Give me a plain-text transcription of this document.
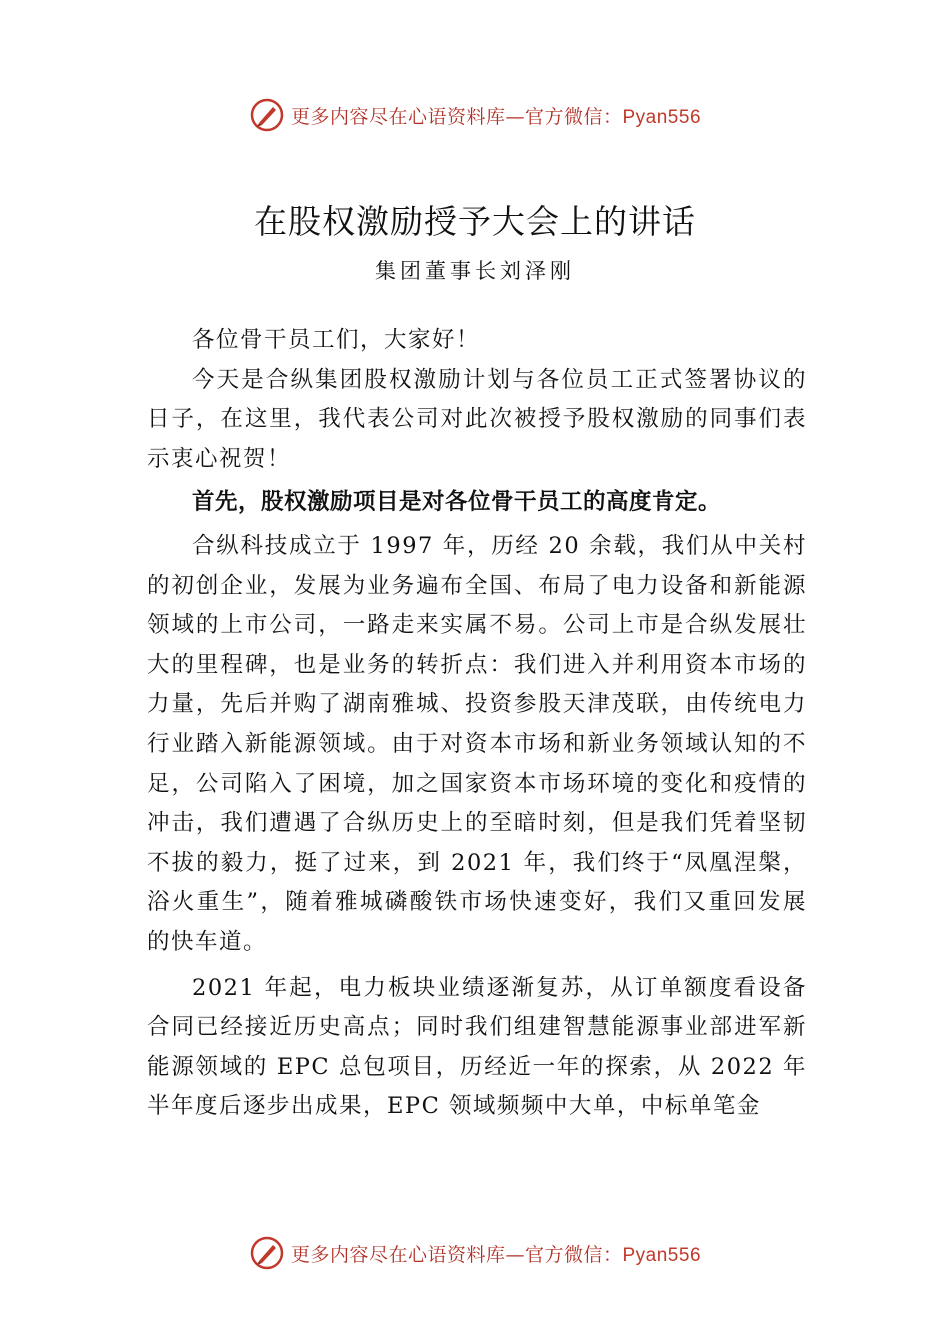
更多内容尽在心语资料库—官方微信：Pyan556
在股权激励授予大会上的讲话
集团董事长刘泽刚

各位骨干员工们，大家好！

今天是合纵集团股权激励计划与各位员工正式签署协议的日子，在这里，我代表公司对此次被授予股权激励的同事们表示衷心祝贺！

首先，股权激励项目是对各位骨干员工的高度肯定。

合纵科技成立于 1997 年，历经 20 余载，我们从中关村的初创企业，发展为业务遍布全国、布局了电力设备和新能源领域的上市公司，一路走来实属不易。公司上市是合纵发展壮大的里程碑，也是业务的转折点：我们进入并利用资本市场的力量，先后并购了湖南雅城、投资参股天津茂联，由传统电力行业踏入新能源领域。由于对资本市场和新业务领域认知的不足，公司陷入了困境，加之国家资本市场环境的变化和疫情的冲击，我们遭遇了合纵历史上的至暗时刻，但是我们凭着坚韧不拔的毅力，挺了过来，到 2021 年，我们终于“凤凰涅槃，浴火重生”，随着雅城磷酸铁市场快速变好，我们又重回发展的快车道。

2021 年起，电力板块业绩逐渐复苏，从订单额度看设备合同已经接近历史高点；同时我们组建智慧能源事业部进军新能源领域的 EPC 总包项目，历经近一年的探索，从 2022 年半年度后逐步出成果，EPC 领域频频中大单，中标单笔金

更多内容尽在心语资料库—官方微信：Pyan556
